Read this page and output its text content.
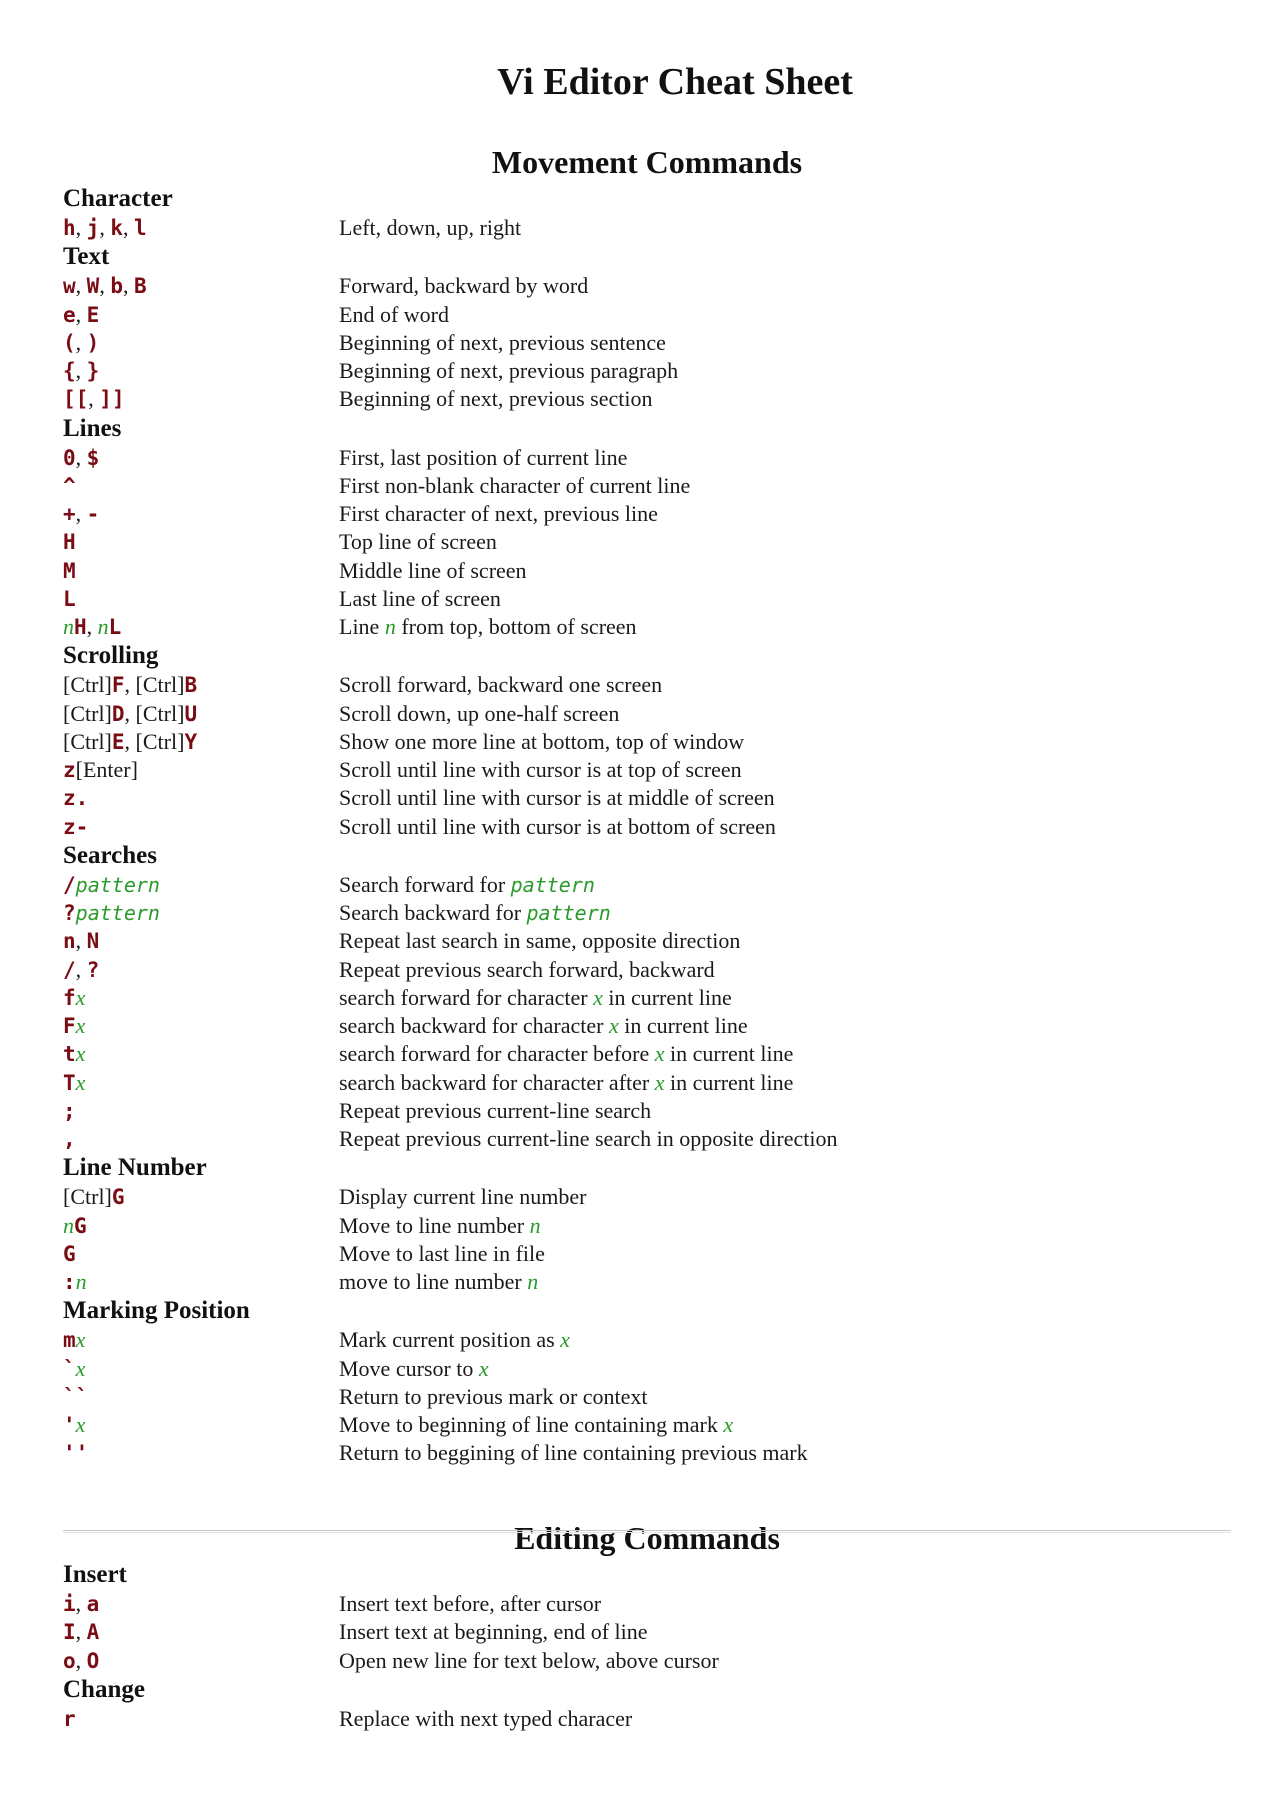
Vi Editor Cheat Sheet
Movement Commands
Character
h, j, k, l	Left, down, up, right
Text
w, W, b, B	Forward, backward by word
e, E	End of word
(, )	Beginning of next, previous sentence
{, }	Beginning of next, previous paragraph
[[, ]]	Beginning of next, previous section
Lines
0, $	First, last position of current line
^	First non-blank character of current line
+, -	First character of next, previous line
H	Top line of screen
M	Middle line of screen
L	Last line of screen
nH, nL	Line n from top, bottom of screen
Scrolling
[Ctrl]F, [Ctrl]B	Scroll forward, backward one screen
[Ctrl]D, [Ctrl]U	Scroll down, up one-half screen
[Ctrl]E, [Ctrl]Y	Show one more line at bottom, top of window
z[Enter]	Scroll until line with cursor is at top of screen
z.	Scroll until line with cursor is at middle of screen
z-	Scroll until line with cursor is at bottom of screen
Searches
/pattern	Search forward for pattern
?pattern	Search backward for pattern
n, N	Repeat last search in same, opposite direction
/, ?	Repeat previous search forward, backward
fx	search forward for character x in current line
Fx	search backward for character x in current line
tx	search forward for character before x in current line
Tx	search backward for character after x in current line
;	Repeat previous current-line search
,	Repeat previous current-line search in opposite direction
Line Number
[Ctrl]G	Display current line number
nG	Move to line number n
G	Move to last line in file
:n	move to line number n
Marking Position
mx	Mark current position as x
`x	Move cursor to x
``	Return to previous mark or context
'x	Move to beginning of line containing mark x
''	Return to beggining of line containing previous mark
Editing Commands
Insert
i, a	Insert text before, after cursor
I, A	Insert text at beginning, end of line
o, O	Open new line for text below, above cursor
Change
r	Replace with next typed characer
